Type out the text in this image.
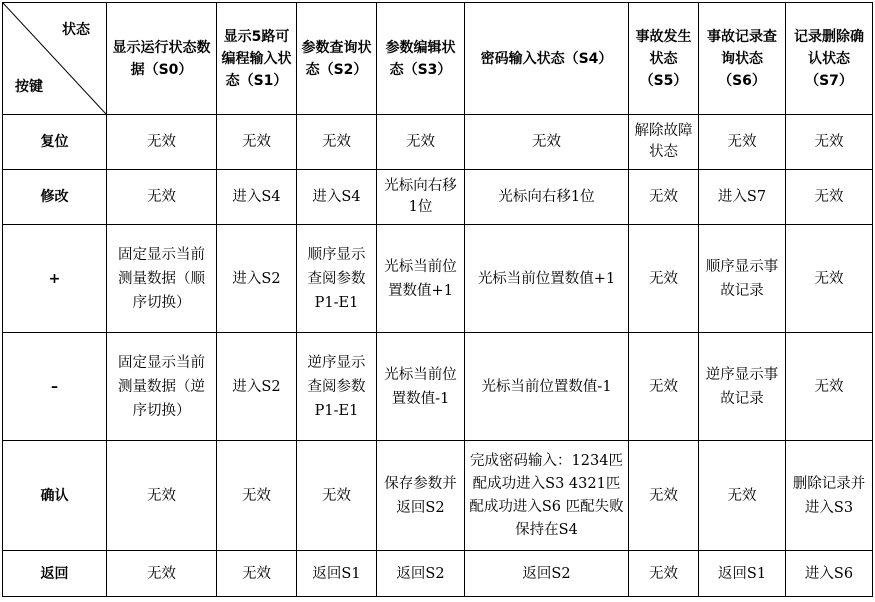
状态
按键	显示运行状态数据（S0）	显示5路可编程输入状态（S1）	参数查询状态（S2）	参数编辑状态（S3）	密码输入状态（S4）	事故发生状态（S5）	事故记录查询状态（S6）	记录删除确认状态（S7）
复位	无效	无效	无效	无效	无效	解除故障状态	无效	无效
修改	无效	进入S4	进入S4	光标向右移1位	光标向右移1位	无效	进入S7	无效
+	固定显示当前测量数据（顺序切换）	进入S2	顺序显示查阅参数P1-E1	光标当前位置数值+1	光标当前位置数值+1	无效	顺序显示事故记录	无效
–	固定显示当前测量数据（逆序切换）	进入S2	逆序显示查阅参数P1-E1	光标当前位置数值-1	光标当前位置数值-1	无效	逆序显示事故记录	无效
确认	无效	无效	无效	保存参数并返回S2	完成密码输入：1234匹配成功进入S3 4321匹配成功进入S6 匹配失败保持在S4	无效	无效	删除记录并进入S3
返回	无效	无效	返回S1	返回S2	返回S2	无效	返回S1	进入S6
